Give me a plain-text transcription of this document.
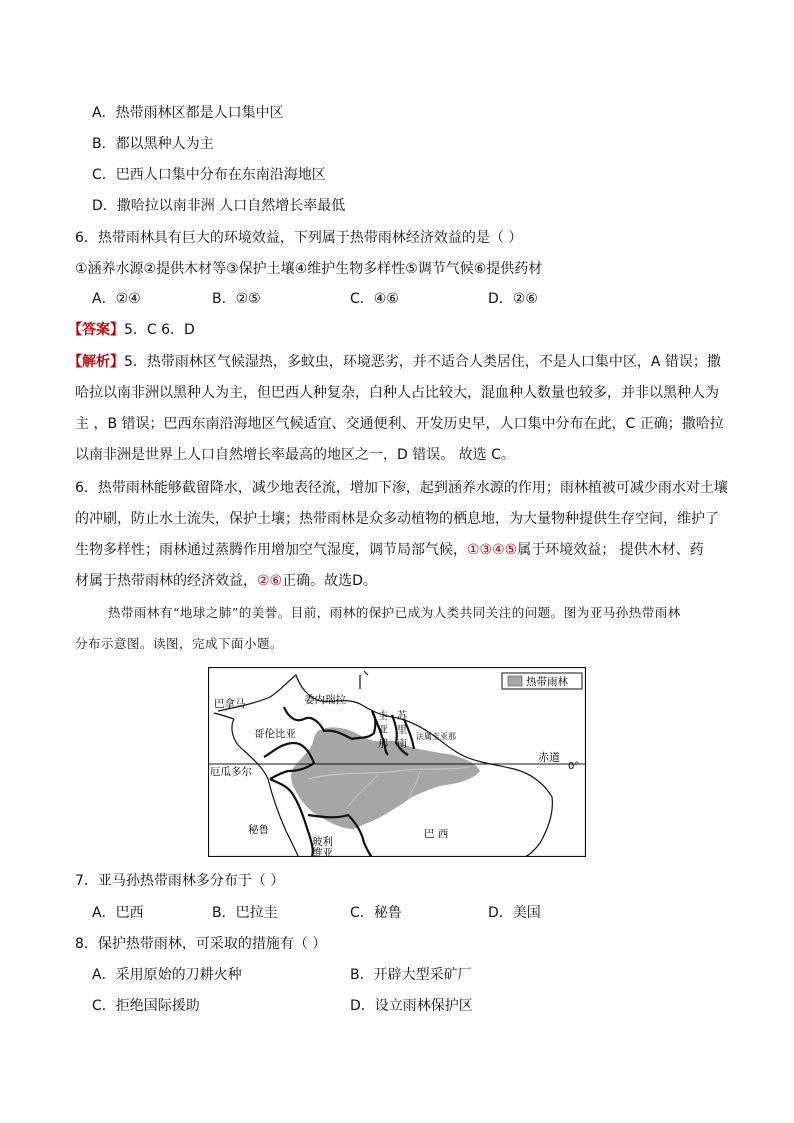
A．热带雨林区都是人口集中区
B．都以黑种人为主
C．巴西人口集中分布在东南沿海地区
D．撒哈拉以南非洲 人口自然增长率最低
6．热带雨林具有巨大的环境效益，下列属于热带雨林经济效益的是（ ）
①涵养水源②提供木材等③保护土壤④维护生物多样性⑤调节气候⑥提供药材
A．②④	B．②⑤	C．④⑥	D．②⑥
【答案】5．C 6．D
【解析】5．热带雨林区气候湿热，多蚊虫，环境恶劣，并不适合人类居住，不是人口集中区，A 错误；撒
哈拉以南非洲以黑种人为主，但巴西人种复杂，白种人占比较大，混血种人数量也较多，并非以黑种人为
主 ，B 错误；巴西东南沿海地区气候适宜、交通便利、开发历史早，人口集中分布在此，C 正确；撒哈拉
以南非洲是世界上人口自然增长率最高的地区之一，D 错误。 故选 C。
6．热带雨林能够截留降水，减少地表径流，增加下渗，起到涵养水源的作用；雨林植被可减少雨水对土壤
的冲刷，防止水土流失，保护土壤；热带雨林是众多动植物的栖息地，为大量物种提供生存空间，维护了
生物多样性；雨林通过蒸腾作用增加空气湿度，调节局部气候，①③④⑤属于环境效益； 提供木材、药
材属于热带雨林的经济效益，②⑥正确。故选D。
热带雨林有“地球之肺”的美誉。目前，雨林的保护已成为人类共同关注的问题。图为亚马孙热带雨林
分布示意图。读图，完成下面小题。
热带雨林
巴拿马	委内瑞拉
哥伦比亚
圭
亚
那
苏
里
南
法属圭亚那
赤道
0°
厄瓜多尔
秘鲁
玻利
维亚
巴 西
7．亚马孙热带雨林多分布于（ ）
A．巴西	B．巴拉圭	C．秘鲁	D．美国
8．保护热带雨林，可采取的措施有（ ）
A．采用原始的刀耕火种	B．开辟大型采矿厂
C．拒绝国际援助	D．设立雨林保护区
